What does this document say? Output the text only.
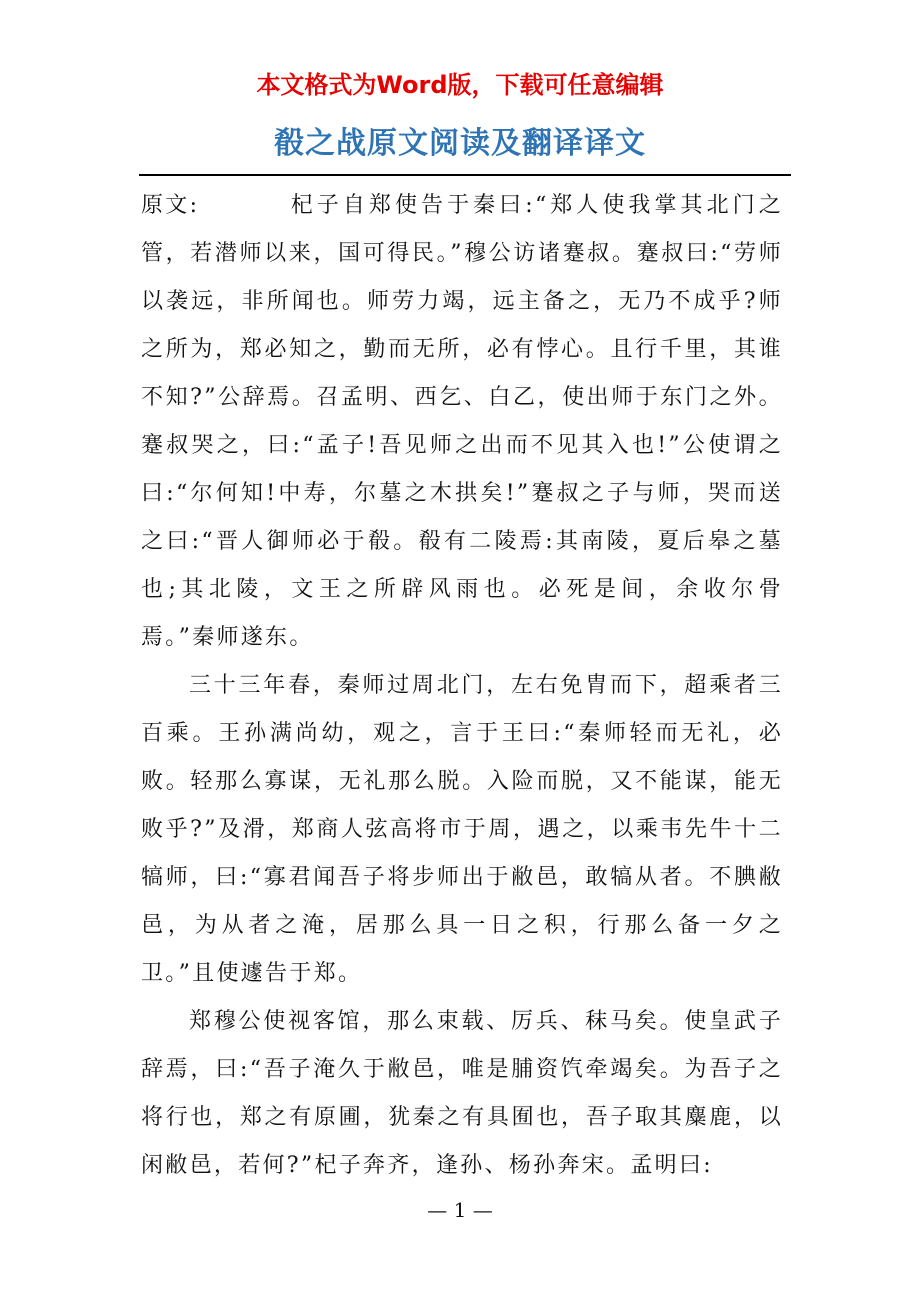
本文格式为Word版，下载可任意编辑
殽之战原文阅读及翻译译文

原文:	杞子自郑使告于秦曰:“郑人使我掌其北门之管，若潜师以来，国可得民。”穆公访诸蹇叔。蹇叔曰:“劳师以袭远，非所闻也。师劳力竭，远主备之，无乃不成乎?师之所为，郑必知之，勤而无所，必有悖心。且行千里，其谁不知?”公辞焉。召孟明、西乞、白乙，使出师于东门之外。蹇叔哭之，曰:“孟子!吾见师之出而不见其入也!”公使谓之曰:“尔何知!中寿，尔墓之木拱矣!”蹇叔之子与师，哭而送之曰:“晋人御师必于殽。殽有二陵焉:其南陵，夏后皋之墓也;其北陵，文王之所辟风雨也。必死是间，余收尔骨焉。”秦师遂东。

三十三年春，秦师过周北门，左右免胄而下，超乘者三百乘。王孙满尚幼，观之，言于王曰:“秦师轻而无礼，必败。轻那么寡谋，无礼那么脱。入险而脱，又不能谋，能无败乎?”及滑，郑商人弦高将市于周，遇之，以乘韦先牛十二犒师，曰:“寡君闻吾子将步师出于敝邑，敢犒从者。不腆敝邑，为从者之淹，居那么具一日之积，行那么备一夕之卫。”且使遽告于郑。

郑穆公使视客馆，那么束载、厉兵、秣马矣。使皇武子辞焉，曰:“吾子淹久于敝邑，唯是脯资饩牵竭矣。为吾子之将行也，郑之有原圃，犹秦之有具囿也，吾子取其麋鹿，以闲敝邑，若何?”杞子奔齐，逢孙、杨孙奔宋。孟明曰:

— 1 —
